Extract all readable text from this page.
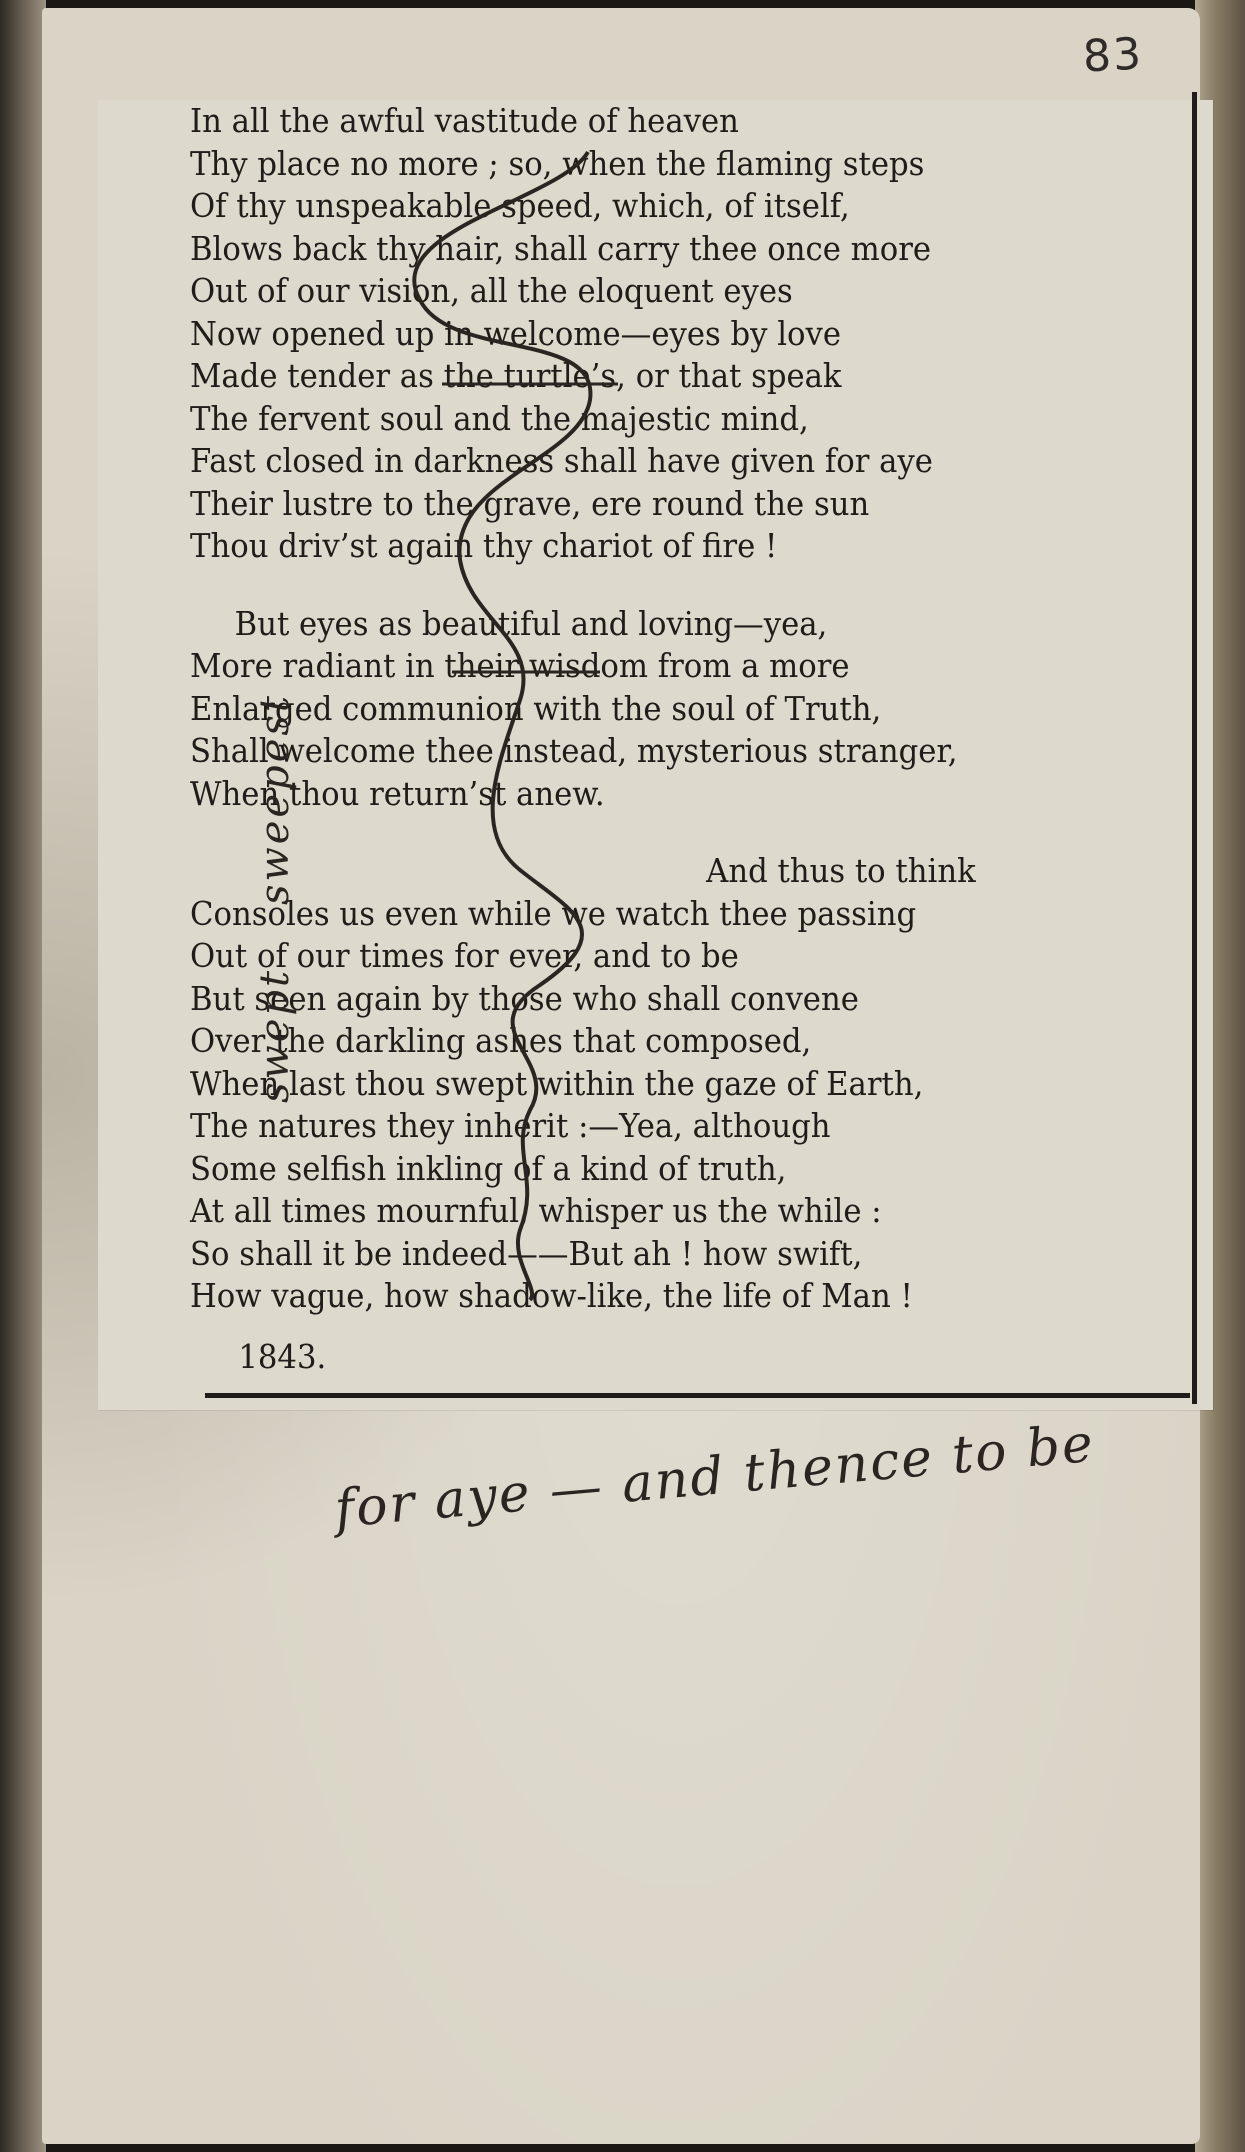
83
In all the awful vastitude of heaven
Thy place no more ; so, when the flaming steps
Of thy unspeakable speed, which, of itself,
Blows back thy hair, shall carry thee once more
Out of our vision, all the eloquent eyes
Now opened up in welcome—eyes by love
Made tender as the turtle’s, or that speak
The fervent soul and the majestic mind,
Fast closed in darkness shall have given for aye
Their lustre to the grave, ere round the sun
Thou driv’st again thy chariot of fire !
But eyes as beautiful and loving—yea,
More radiant in their wisdom from a more
Enlarged communion with the soul of Truth,
Shall welcome thee instead, mysterious stranger,
When thou return’st anew.
And thus to think
Consoles us even while we watch thee passing
Out of our times for ever, and to be
But seen again by those who shall convene
Over the darkling ashes that composed,
When last thou swept within the gaze of Earth,
The natures they inherit :—Yea, although
Some selfish inkling of a kind of truth,
At all times mournful, whisper us the while :
So shall it be indeed——But ah ! how swift,
How vague, how shadow-like, the life of Man !
1843.
swept    sweepest
for aye — and thence to be
